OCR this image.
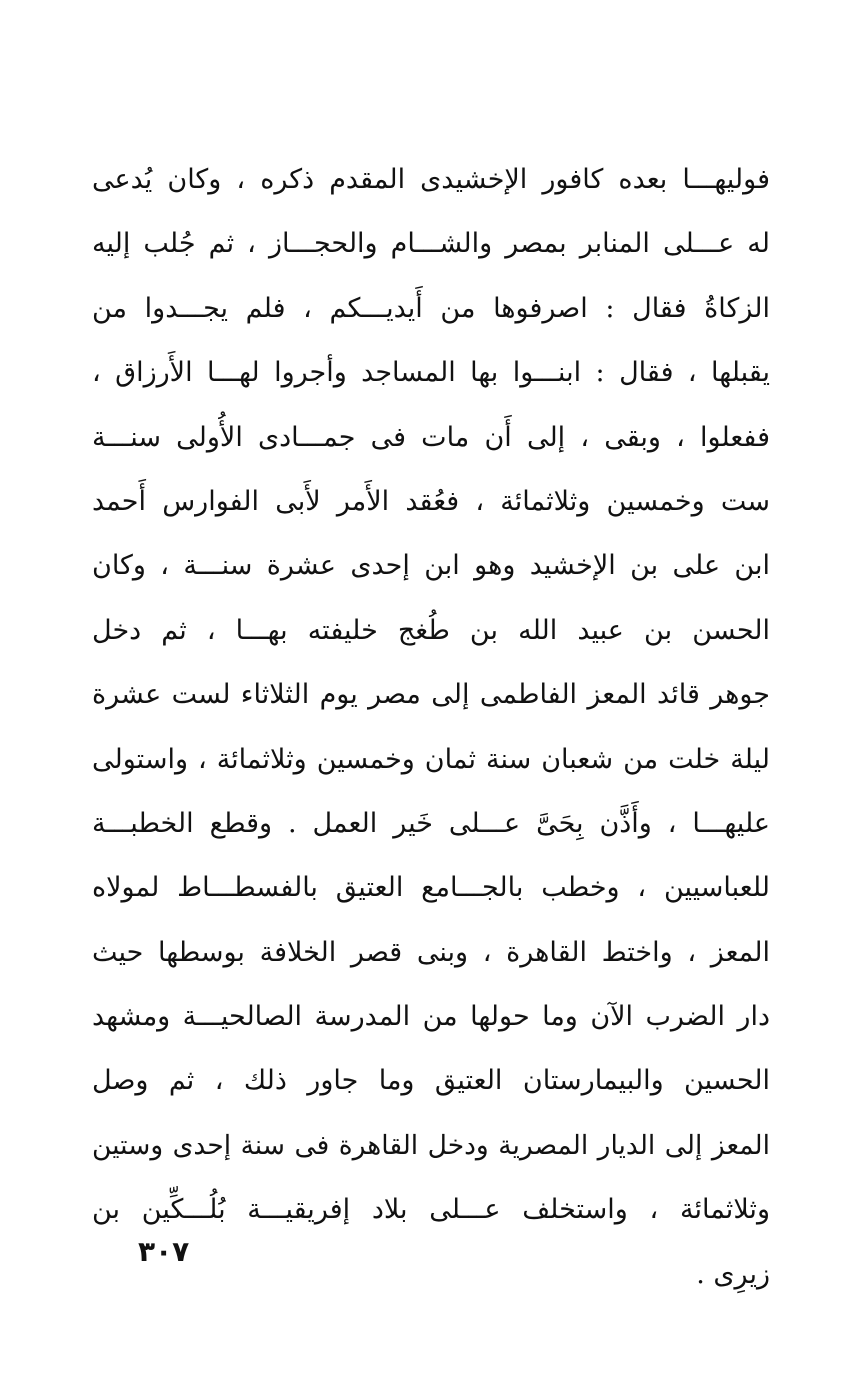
فوليهـــا بعده كافور الإخشيدى المقدم ذكره ، وكان يُدعى
له عـــلى المنابر بمصر والشـــام والحجـــاز ، ثم جُلب إليه
الزكاةُ فقال : اصرفوها من أَيديـــكم ، فلم يجـــدوا من
يقبلها ، فقال : ابنـــوا بها المساجد وأجروا لهـــا الأَرزاق ،
ففعلوا ، وبقى ، إلى أَن مات فى جمـــادى الأُولى سنـــة
ست وخمسين وثلاثمائة ، فعُقد الأَمر لأَبى الفوارس أَحمد
ابن على بن الإخشيد وهو ابن إحدى عشرة سنـــة ، وكان
الحسن بن عبيد الله بن طُغج خليفته بهـــا ، ثم دخل
جوهر قائد المعز الفاطمى إلى مصر يوم الثلاثاء لست عشرة
ليلة خلت من شعبان سنة ثمان وخمسين وثلاثمائة ، واستولى
عليهـــا ، وأَذَّن بِحَىَّ عـــلى خَير العمل . وقطع الخطبـــة
للعباسيين ، وخطب بالجـــامع العتيق بالفسطـــاط لمولاه
المعز ، واختط القاهرة ، وبنى قصر الخلافة بوسطها حيث
دار الضرب الآن وما حولها من المدرسة الصالحيـــة ومشهد
الحسين والبيمارستان العتيق وما جاور ذلك ، ثم وصل
المعز إلى الديار المصرية ودخل القاهرة فى سنة إحدى وستين
وثلاثمائة ، واستخلف عـــلى بلاد إفريقيـــة بُلُـــكِّين بن
زيرِى .
٣٠٧
